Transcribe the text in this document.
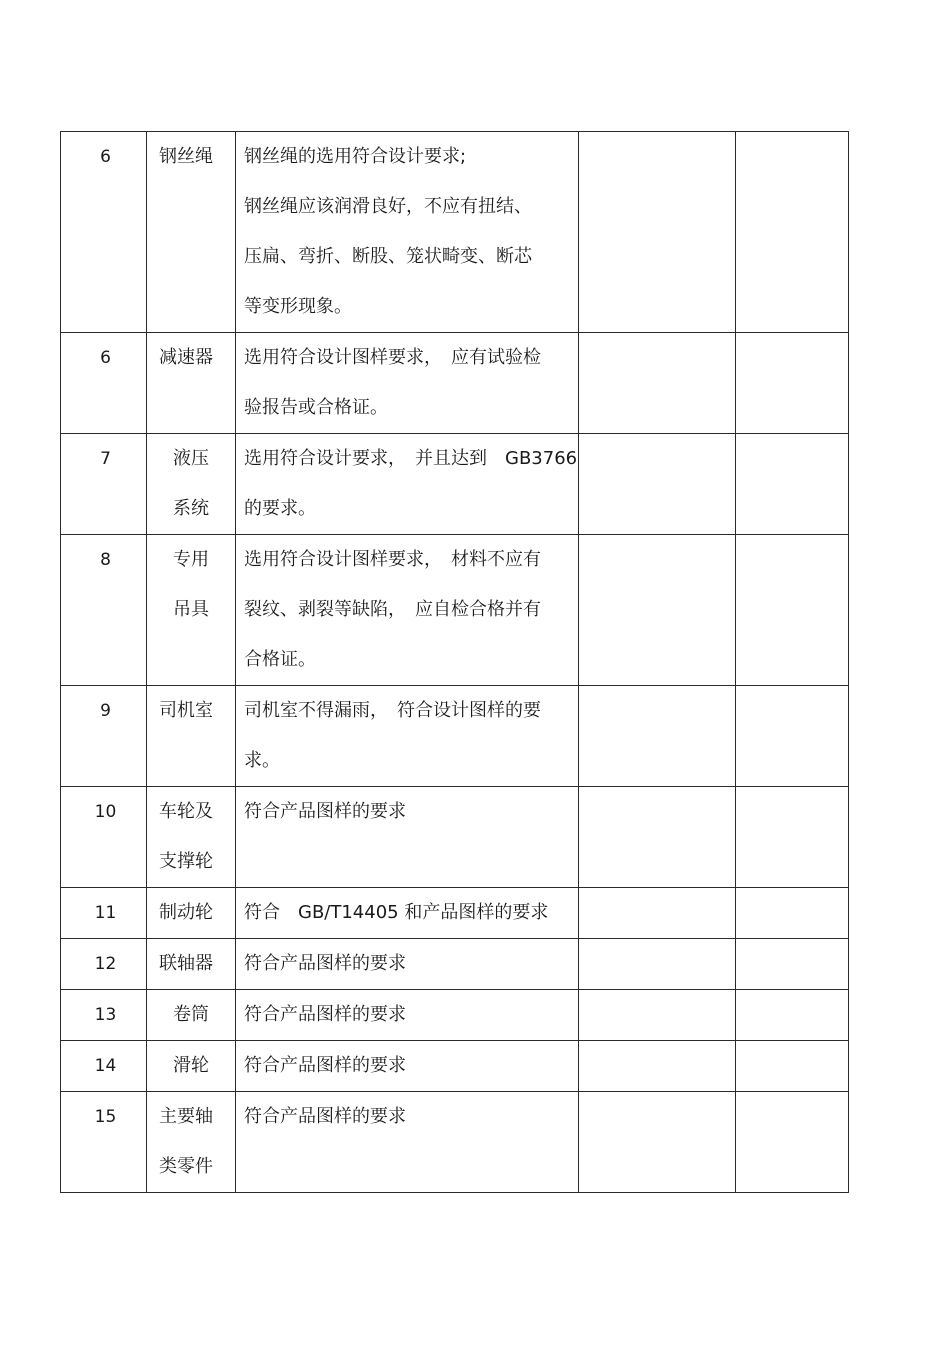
6	钢丝绳	钢丝绳的选用符合设计要求;
钢丝绳应该润滑良好，不应有扭结、
压扁、弯折、断股、笼状畸变、断芯
等变形现象。		

6	减速器	选用符合设计图样要求，　应有试验检
验报告或合格证。		

7	液压
系统	选用符合设计要求，　并且达到　GB3766
的要求。		

8	专用
吊具	选用符合设计图样要求，　材料不应有
裂纹、剥裂等缺陷，　应自检合格并有
合格证。		

9	司机室	司机室不得漏雨，　符合设计图样的要
求。		

10	车轮及
支撑轮	符合产品图样的要求		

11	制动轮	符合　GB/T14405 和产品图样的要求		

12	联轴器	符合产品图样的要求		

13	卷筒	符合产品图样的要求		

14	滑轮	符合产品图样的要求		

15	主要轴
类零件	符合产品图样的要求		
